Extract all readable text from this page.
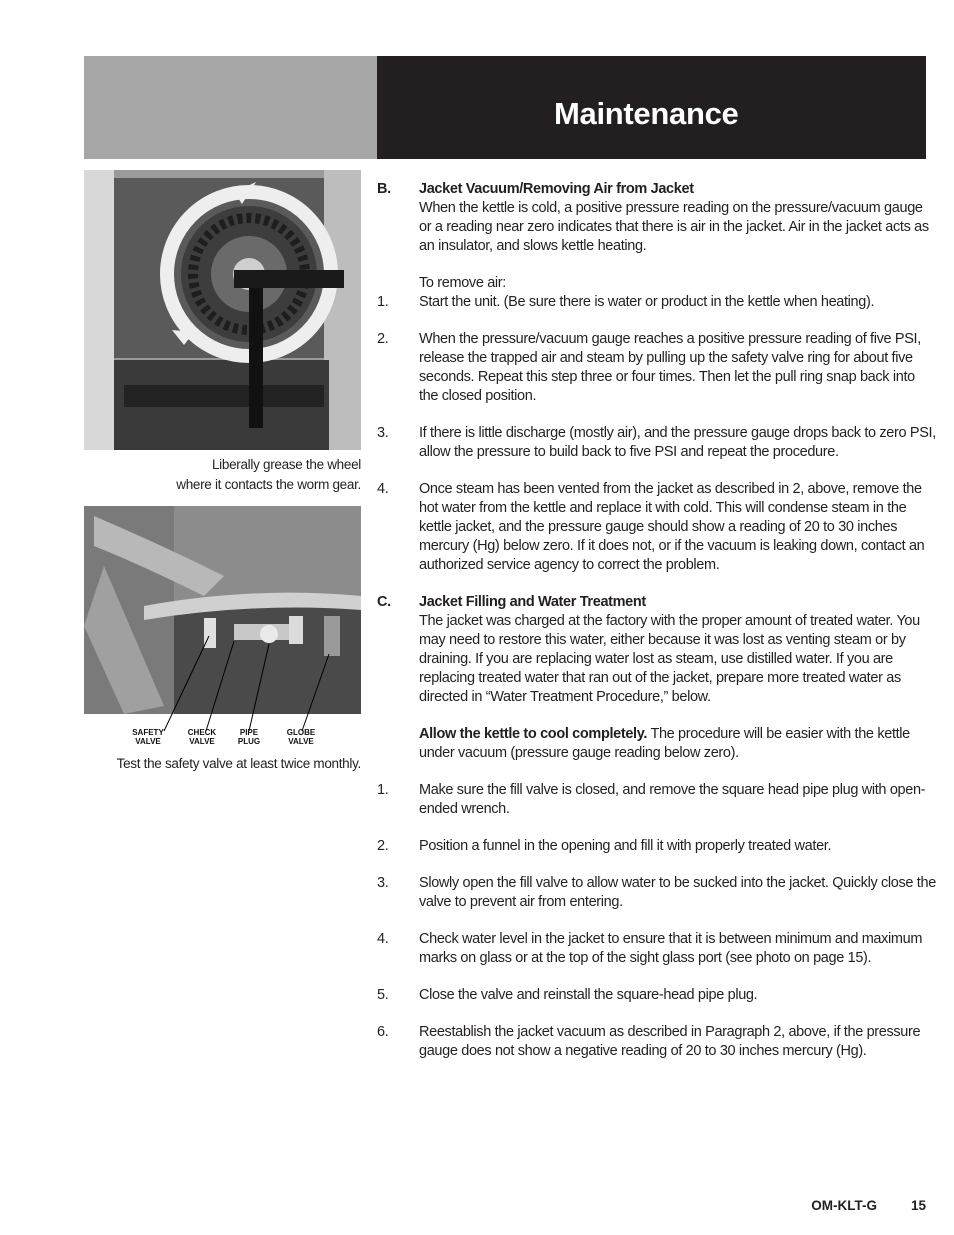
Maintenance
Liberally grease the wheel
where it contacts the worm gear.
SAFETY
VALVE
CHECK
VALVE
PIPE
PLUG
GLOBE
VALVE
Test the safety valve at least twice monthly.
B.	Jacket Vacuum/Removing Air from Jacket
When the kettle is cold, a positive pressure reading on the pressure/vacuum gauge or a reading near zero indicates that there is air in the jacket. Air in the jacket acts as an insulator, and slows kettle heating.
To remove air:
1.	Start the unit. (Be sure there is water or product in the kettle when heating).
2.	When the pressure/vacuum gauge reaches a positive pressure reading of five PSI, release the trapped air and steam by pulling up the safety valve ring for about five seconds. Repeat this step three or four times. Then let the pull ring snap back into the closed position.
3.	If there is little discharge (mostly air), and the pressure gauge drops back to zero PSI, allow the pressure to build back to five PSI and repeat the procedure.
4.	Once steam has been vented from the jacket as described in 2, above, remove the hot water from the kettle and replace it with cold. This will condense steam in the kettle jacket, and the pressure gauge should show a reading of 20 to 30 inches mercury (Hg) below zero. If it does not, or if the vacuum is leaking down, contact an authorized service agency to correct the problem.
C.	Jacket Filling and Water Treatment
The jacket was charged at the factory with the proper amount of treated water. You may need to restore this water, either because it was lost as venting steam or by draining. If you are replacing water lost as steam, use distilled water. If you are replacing treated water that ran out of the jacket, prepare more treated water as directed in “Water Treatment Procedure,” below.
Allow the kettle to cool completely. The procedure will be easier with the kettle under vacuum (pressure gauge reading below zero).
1.	Make sure the fill valve is closed, and remove the square head pipe plug with open-ended wrench.
2.	Position a funnel in the opening and fill it with properly treated water.
3.	Slowly open the fill valve to allow water to be sucked into the jacket. Quickly close the valve to prevent air from entering.
4.	Check water level in the jacket to ensure that it is between minimum and maximum marks on glass or at the top of the sight glass port (see photo on page 15).
5.	Close the valve and reinstall the square-head pipe plug.
6.	Reestablish the jacket vacuum as described in Paragraph 2, above, if the pressure gauge does not show a negative reading of 20 to 30 inches mercury (Hg).
OM-KLT-G	15
